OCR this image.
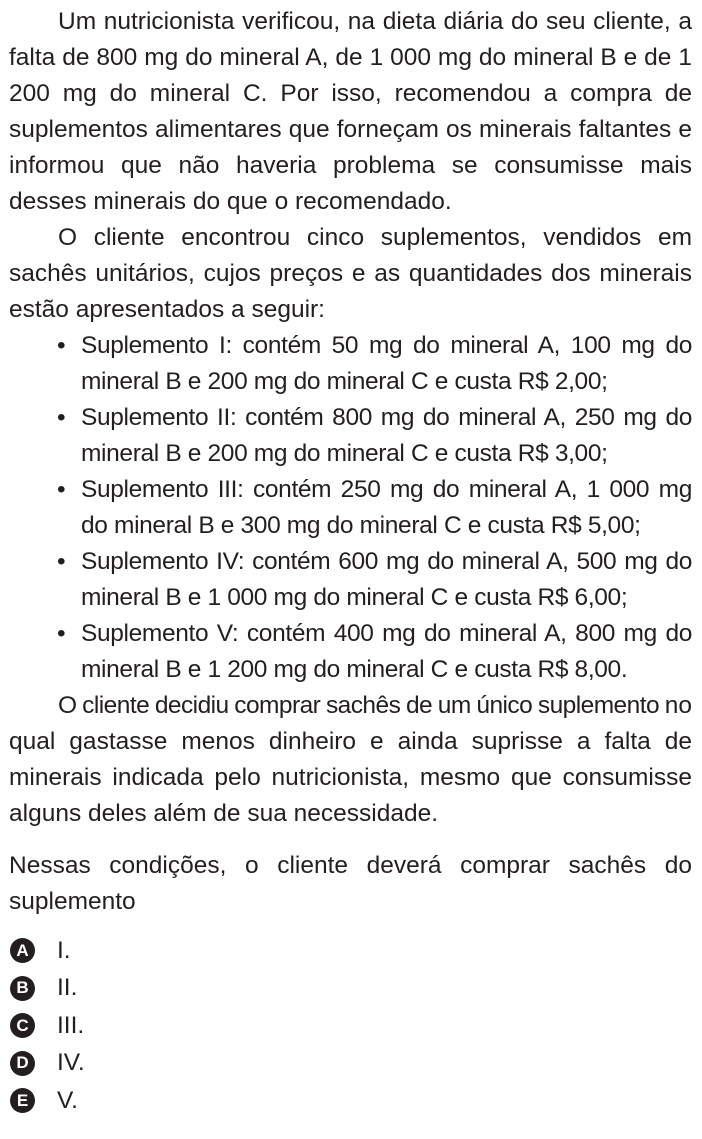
Um nutricionista verificou, na dieta diária do seu cliente, a falta de 800 mg do mineral A, de 1 000 mg do mineral B e de 1 200 mg do mineral C. Por isso, recomendou a compra de suplementos alimentares que forneçam os minerais faltantes e informou que não haveria problema se consumisse mais desses minerais do que o recomendado.

O cliente encontrou cinco suplementos, vendidos em sachês unitários, cujos preços e as quantidades dos minerais estão apresentados a seguir:

• Suplemento I: contém 50 mg do mineral A, 100 mg do mineral B e 200 mg do mineral C e custa R$ 2,00;
• Suplemento II: contém 800 mg do mineral A, 250 mg do mineral B e 200 mg do mineral C e custa R$ 3,00;
• Suplemento III: contém 250 mg do mineral A, 1 000 mg do mineral B e 300 mg do mineral C e custa R$ 5,00;
• Suplemento IV: contém 600 mg do mineral A, 500 mg do mineral B e 1 000 mg do mineral C e custa R$ 6,00;
• Suplemento V: contém 400 mg do mineral A, 800 mg do mineral B e 1 200 mg do mineral C e custa R$ 8,00.

O cliente decidiu comprar sachês de um único suplemento no qual gastasse menos dinheiro e ainda suprisse a falta de minerais indicada pelo nutricionista, mesmo que consumisse alguns deles além de sua necessidade.

Nessas condições, o cliente deverá comprar sachês do suplemento

A I.
B II.
C III.
D IV.
E V.
